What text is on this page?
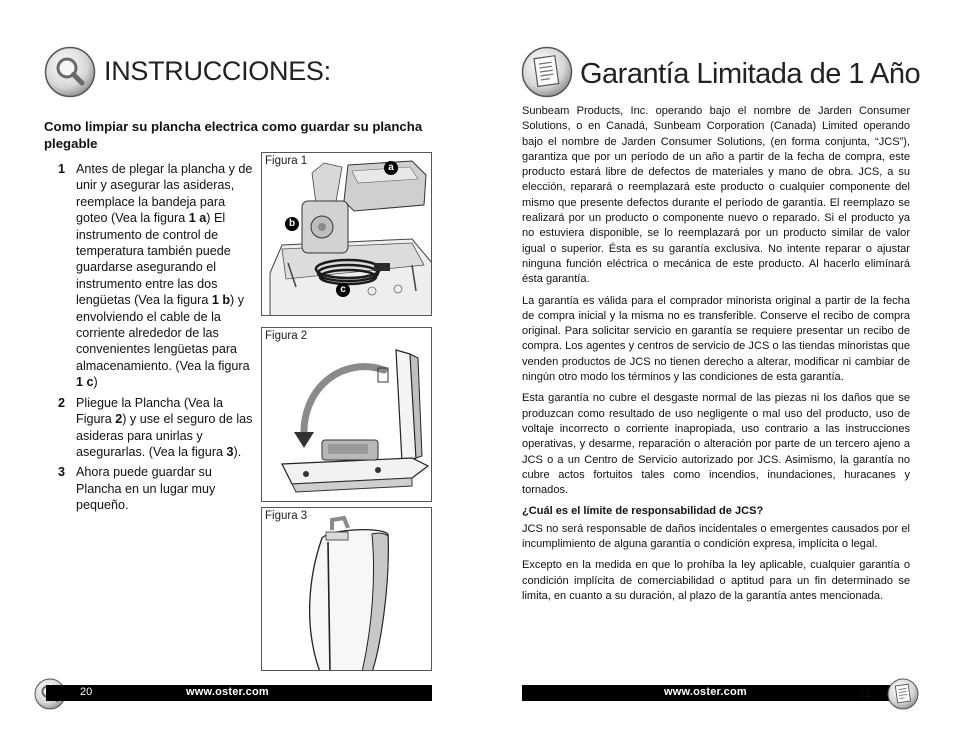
INSTRUCCIONES:
Como limpiar su plancha electrica como guardar su plancha plegable
1 Antes de plegar la plancha y de unir y asegurar las asideras, reemplace la bandeja para goteo (Vea la figura 1 a) El instrumento de control de temperatura también puede guardarse asegurando el instrumento entre las dos lengüetas (Vea la figura 1 b) y envolviendo el cable de la corriente alrededor de las convenientes lengüetas para almacenamiento. (Vea la figura 1 c)
2 Pliegue la Plancha (Vea la Figura 2) y use el seguro de las asideras para unirlas y asegurarlas. (Vea la figura 3).
3 Ahora puede guardar su Plancha en un lugar muy pequeño.
Figura 1
a
b
c
Figura 2
Figura 3
20	www.oster.com
Garantía Limitada de 1 Año

Sunbeam Products, Inc. operando bajo el nombre de Jarden Consumer Solutions, o en Canadá, Sunbeam Corporation (Canada) Limited operando bajo el nombre de Jarden Consumer Solutions, (en forma conjunta, “JCS”), garantiza que por un período de un año a partir de la fecha de compra, este producto estará libre de defectos de materiales y mano de obra. JCS, a su elección, reparará o reemplazará este producto o cualquier componente del mismo que presente defectos durante el período de garantía. El reemplazo se realizará por un producto o componente nuevo o reparado. Si el producto ya no estuviera disponible, se lo reemplazará por un producto similar de valor igual o superior. Ésta es su garantía exclusiva. No intente reparar o ajustar ninguna función eléctrica o mecánica de este producto. Al hacerlo elimínará ésta garantía.

La garantía es válida para el comprador minorista original a partir de la fecha de compra inicial y la misma no es transferible. Conserve el recibo de compra original. Para solicitar servicio en garantía se requiere presentar un recibo de compra. Los agentes y centros de servicio de JCS o las tiendas minoristas que venden productos de JCS no tienen derecho a alterar, modificar ni cambiar de ningún otro modo los términos y las condiciones de esta garantía.

Esta garantía no cubre el desgaste normal de las piezas ni los daños que se produzcan como resultado de uso negligente o mal uso del producto, uso de voltaje incorrecto o corriente inapropiada, uso contrario a las instrucciones operativas, y desarme, reparación o alteración por parte de un tercero ajeno a JCS o a un Centro de Servicio autorizado por JCS. Asimismo, la garantía no cubre actos fortuitos tales como incendios, inundaciones, huracanes y tornados.

¿Cuál es el límite de responsabilidad de JCS?

JCS no será responsable de daños incidentales o emergentes causados por el incumplimiento de alguna garantía o condición expresa, implícita o legal.

Excepto en la medida en que lo prohíba la ley aplicable, cualquier garantía o condición implícita de comerciabilidad o aptitud para un fin determinado se limita, en cuanto a su duración, al plazo de la garantía antes mencionada.

www.oster.com	21
